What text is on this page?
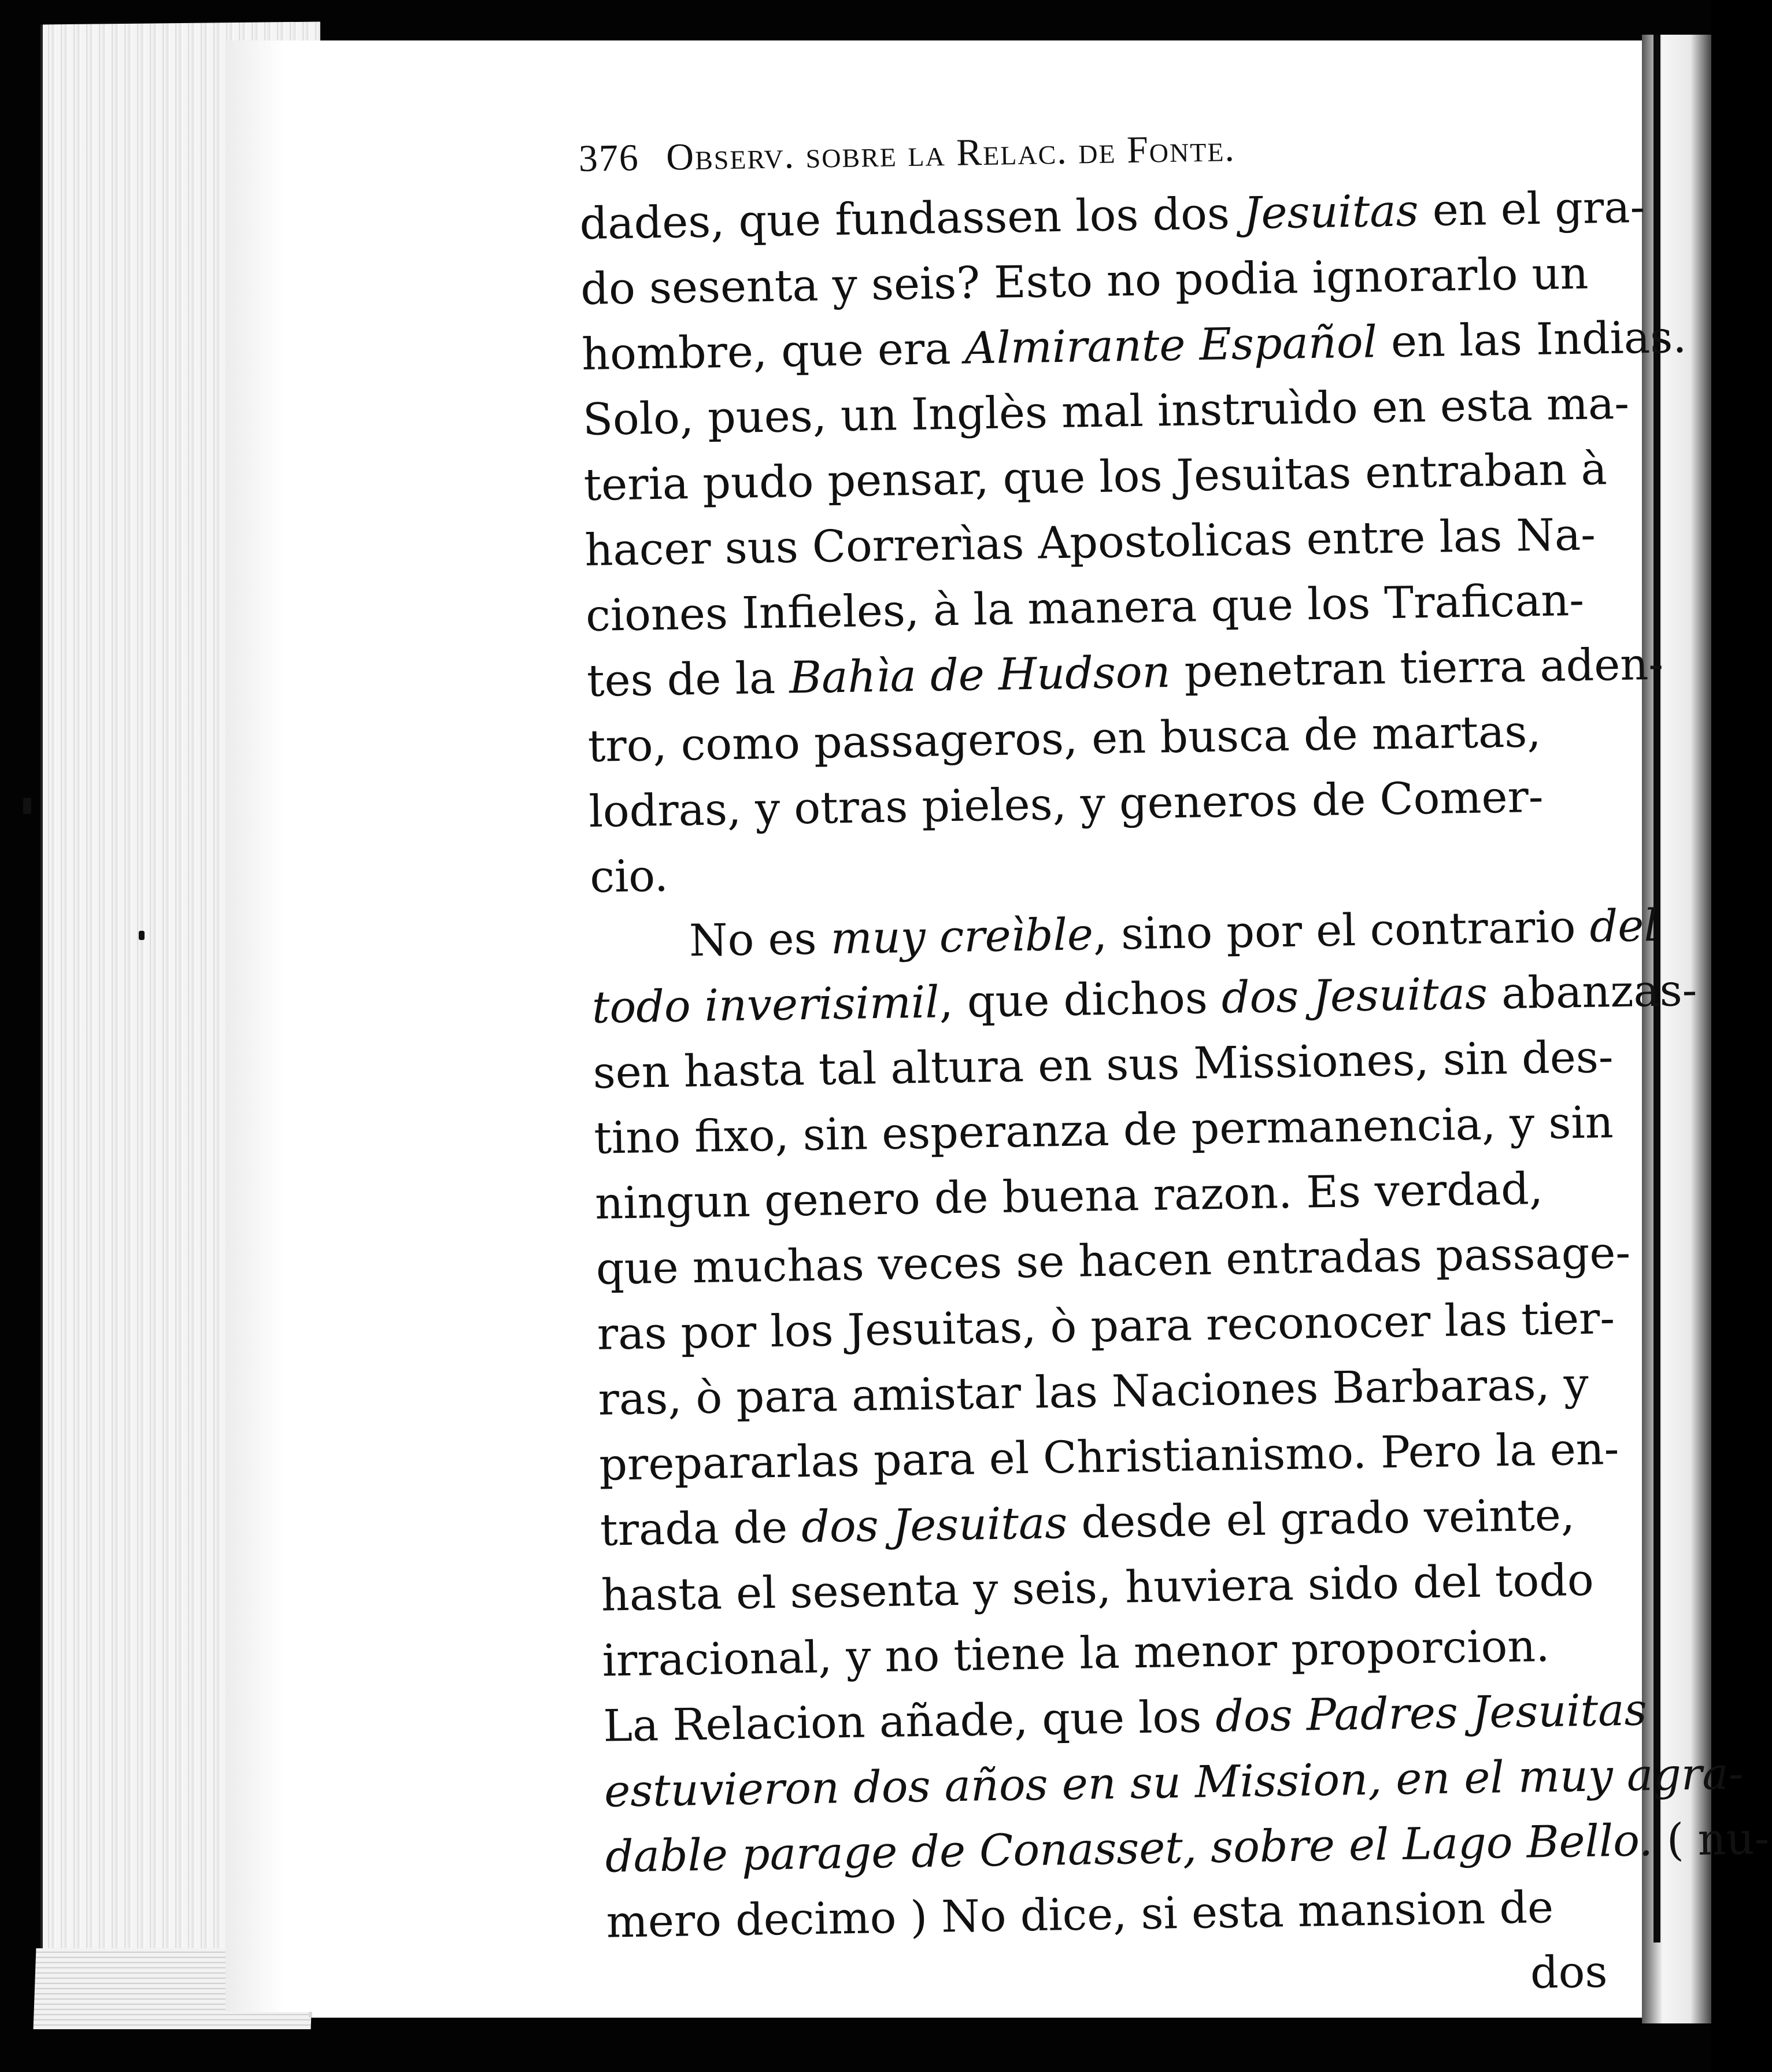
376 Observ. sobre la Relac. de Fonte.
dades, que fundassen los dos Jesuitas en el gra-
do sesenta y seis? Esto no podia ignorarlo un
hombre, que era Almirante Español en las Indias.
Solo, pues, un Inglès mal instruìdo en esta ma-
teria pudo pensar, que los Jesuitas entraban à
hacer sus Correrìas Apostolicas entre las Na-
ciones Infieles, à la manera que los Trafican-
tes de la Bahìa de Hudson penetran tierra aden-
tro, como passageros, en busca de martas,
lodras, y otras pieles, y generos de Comer-
cio.
No es muy creìble, sino por el contrario del
todo inverisimil, que dichos dos Jesuitas abanzas-
sen hasta tal altura en sus Missiones, sin des-
tino fixo, sin esperanza de permanencia, y sin
ningun genero de buena razon. Es verdad,
que muchas veces se hacen entradas passage-
ras por los Jesuitas, ò para reconocer las tier-
ras, ò para amistar las Naciones Barbaras, y
prepararlas para el Christianismo. Pero la en-
trada de dos Jesuitas desde el grado veinte,
hasta el sesenta y seis, huviera sido del todo
irracional, y no tiene la menor proporcion.
La Relacion añade, que los dos Padres Jesuitas
estuvieron dos años en su Mission, en el muy agra-
dable parage de Conasset, sobre el Lago Bello. ( nu-
mero decimo ) No dice, si esta mansion de
dos
